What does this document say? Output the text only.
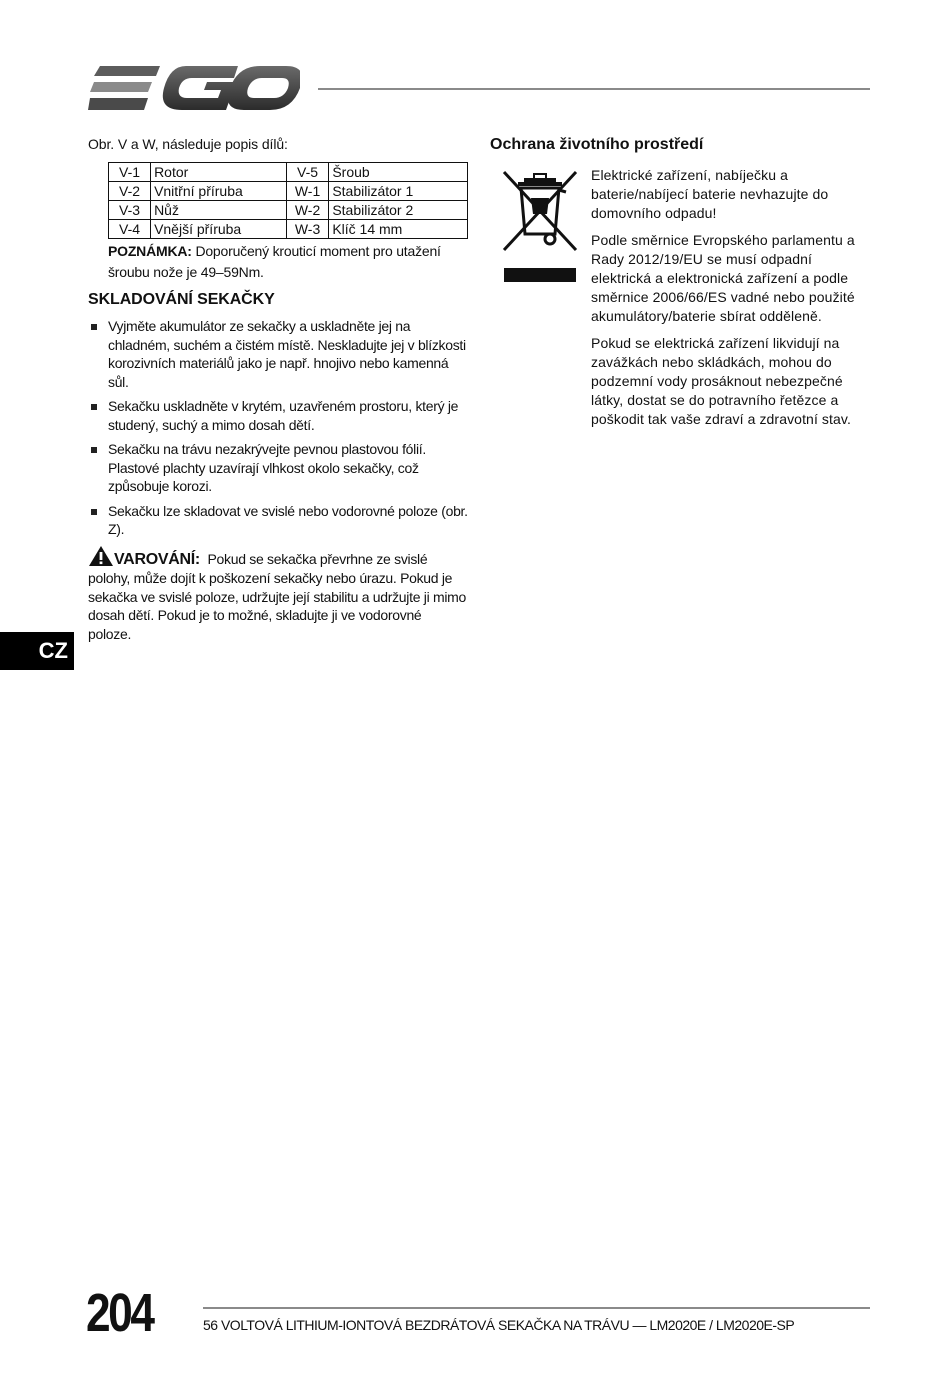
Obr. V a W, následuje popis dílů:

V-1	Rotor	V-5	Šroub
V-2	Vnitřní příruba	W-1	Stabilizátor 1
V-3	Nůž	W-2	Stabilizátor 2
V-4	Vnější příruba	W-3	Klíč 14 mm

POZNÁMKA: Doporučený krouticí moment pro utažení šroubu nože je 49–59Nm.

SKLADOVÁNÍ SEKAČKY
Vyjměte akumulátor ze sekačky a uskladněte jej na chladném, suchém a čistém místě. Neskladujte jej v blízkosti korozivních materiálů jako je např. hnojivo nebo kamenná sůl.
Sekačku uskladněte v krytém, uzavřeném prostoru, který je studený, suchý a mimo dosah dětí.
Sekačku na trávu nezakrývejte pevnou plastovou fólií. Plastové plachty uzavírají vlhkost okolo sekačky, což způsobuje korozi.
Sekačku lze skladovat ve svislé nebo vodorovné poloze (obr. Z).
VAROVÁNÍ: Pokud se sekačka převrhne ze svislé polohy, může dojít k poškození sekačky nebo úrazu. Pokud je sekačka ve svislé poloze, udržujte její stabilitu a udržujte ji mimo dosah dětí. Pokud je to možné, skladujte ji ve vodorovné poloze.
Ochrana životního prostředí

Elektrické zařízení, nabíječku a baterie/nabíjecí baterie nevhazujte do domovního odpadu!

Podle směrnice Evropského parlamentu a Rady 2012/19/EU se musí odpadní elektrická a elektronická zařízení a podle směrnice 2006/66/ES vadné nebo použité akumulátory/baterie sbírat odděleně.

Pokud se elektrická zařízení likvidují na zavážkách nebo skládkách, mohou do podzemní vody prosáknout nebezpečné látky, dostat se do potravního řetězce a poškodit tak vaše zdraví a zdravotní stav.

CZ
204	56 VOLTOVÁ LITHIUM-IONTOVÁ BEZDRÁTOVÁ SEKAČKA NA TRÁVU — LM2020E / LM2020E-SP
